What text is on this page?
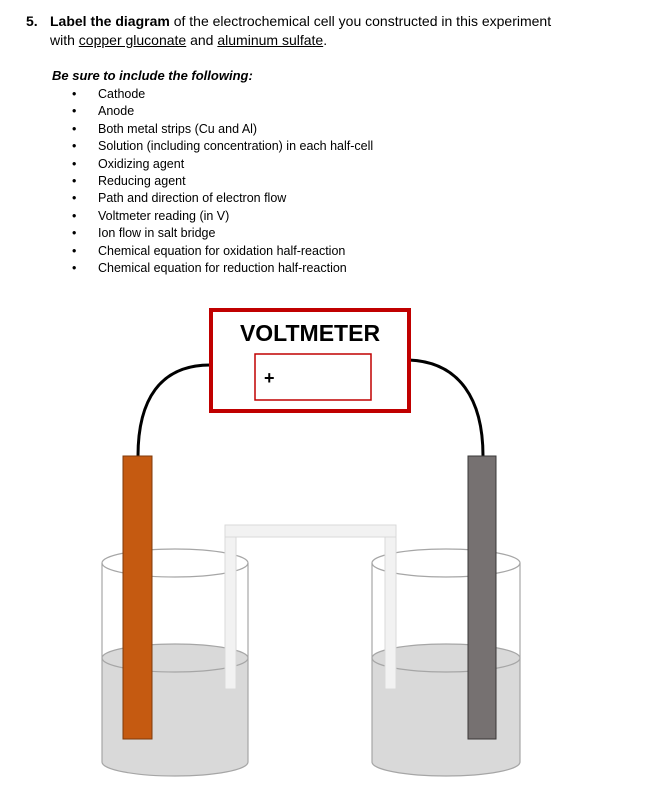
5. Label the diagram of the electrochemical cell you constructed in this experiment
with copper gluconate and aluminum sulfate.
Be sure to include the following:
• Cathode
• Anode
• Both metal strips (Cu and Al)
• Solution (including concentration) in each half-cell
• Oxidizing agent
• Reducing agent
• Path and direction of electron flow
• Voltmeter reading (in V)
• Ion flow in salt bridge
• Chemical equation for oxidation half-reaction
• Chemical equation for reduction half-reaction
VOLTMETER
+
